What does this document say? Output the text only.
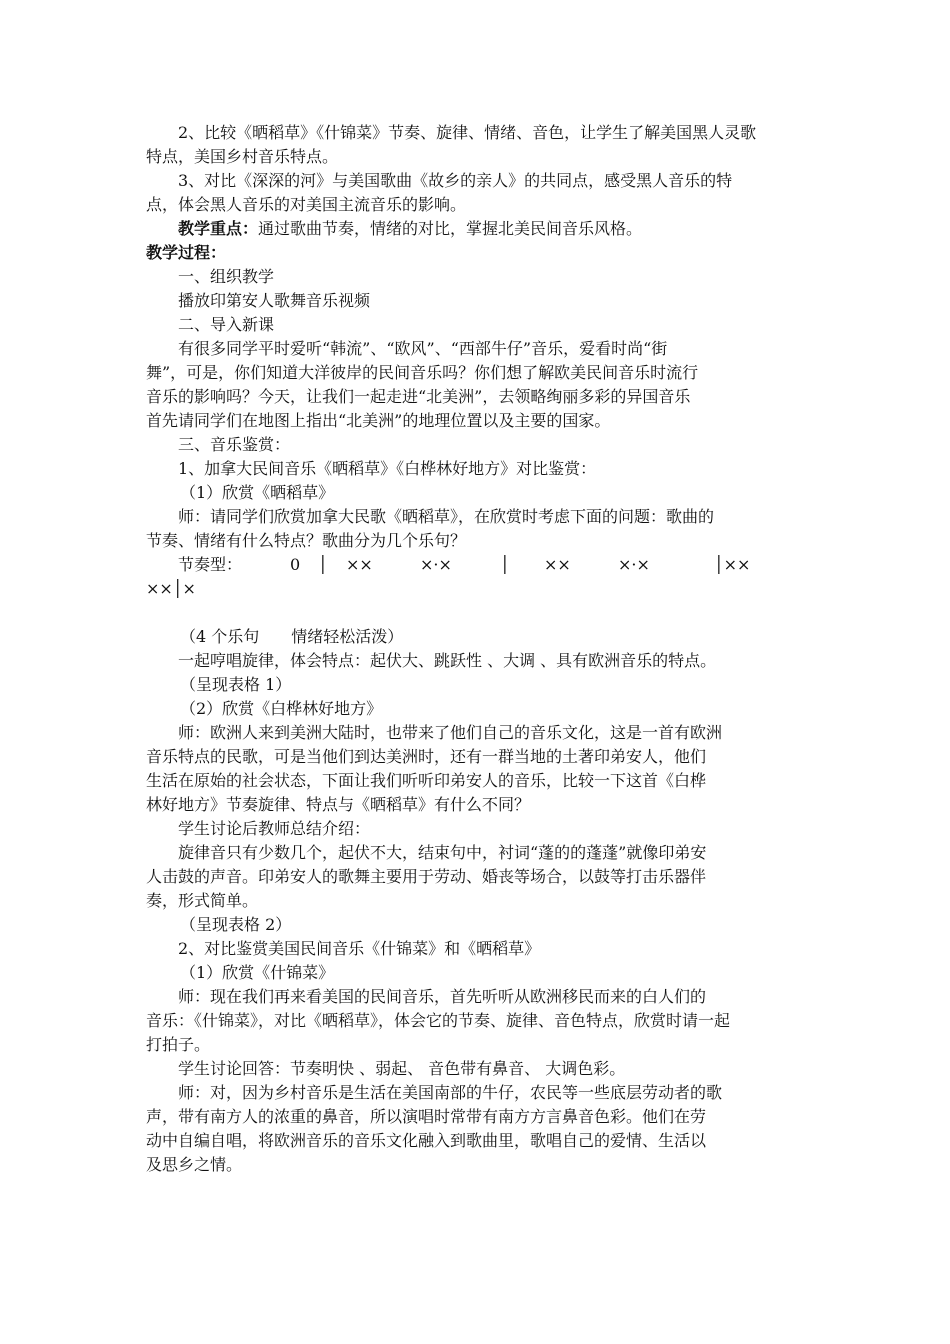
2、比较《晒稻草》《什锦菜》节奏、旋律、情绪、音色，让学生了解美国黑人灵歌
特点，美国乡村音乐特点。
3、对比《深深的河》与美国歌曲《故乡的亲人》的共同点，感受黑人音乐的特
点，体会黑人音乐的对美国主流音乐的影响。
教学重点：通过歌曲节奏，情绪的对比，掌握北美民间音乐风格。
教学过程：
一、组织教学
播放印第安人歌舞音乐视频
二、导入新课
有很多同学平时爱听“韩流”、“欧风”、“西部牛仔”音乐，爱看时尚“街
舞”，可是，你们知道大洋彼岸的民间音乐吗？你们想了解欧美民间音乐时流行
音乐的影响吗？今天，让我们一起走进“北美洲”，去领略绚丽多彩的异国音乐
首先请同学们在地图上指出“北美洲”的地理位置以及主要的国家。
三、音乐鉴赏：
1、加拿大民间音乐《晒稻草》《白桦林好地方》对比鉴赏：
（1）欣赏《晒稻草》
师：请同学们欣赏加拿大民歌《晒稻草》，在欣赏时考虑下面的问题：歌曲的
节奏、情绪有什么特点？歌曲分为几个乐句？
节奏型：	0 │ ××	×·×	│ ××	×·×	│××
××│×
（4 个乐句　　情绪轻松活泼）
一起哼唱旋律，体会特点：起伏大、跳跃性 、大调 、具有欧洲音乐的特点。
（呈现表格 1）
（2）欣赏《白桦林好地方》
师：欧洲人来到美洲大陆时，也带来了他们自己的音乐文化，这是一首有欧洲
音乐特点的民歌，可是当他们到达美洲时，还有一群当地的土著印弟安人，他们
生活在原始的社会状态，下面让我们听听印弟安人的音乐，比较一下这首《白桦
林好地方》节奏旋律、特点与《晒稻草》有什么不同？
学生讨论后教师总结介绍：
旋律音只有少数几个，起伏不大，结束句中，衬词“蓬的的蓬蓬”就像印弟安
人击鼓的声音。印弟安人的歌舞主要用于劳动、婚丧等场合，以鼓等打击乐器伴
奏，形式简单。
（呈现表格 2）
2、对比鉴赏美国民间音乐《什锦菜》和《晒稻草》
（1）欣赏《什锦菜》
师：现在我们再来看美国的民间音乐，首先听听从欧洲移民而来的白人们的
音乐：《什锦菜》，对比《晒稻草》，体会它的节奏、旋律、音色特点，欣赏时请一起
打拍子。
学生讨论回答：节奏明快 、弱起、 音色带有鼻音、 大调色彩。
师：对，因为乡村音乐是生活在美国南部的牛仔，农民等一些底层劳动者的歌
声，带有南方人的浓重的鼻音，所以演唱时常带有南方方言鼻音色彩。他们在劳
动中自编自唱，将欧洲音乐的音乐文化融入到歌曲里，歌唱自己的爱情、生活以
及思乡之情。
